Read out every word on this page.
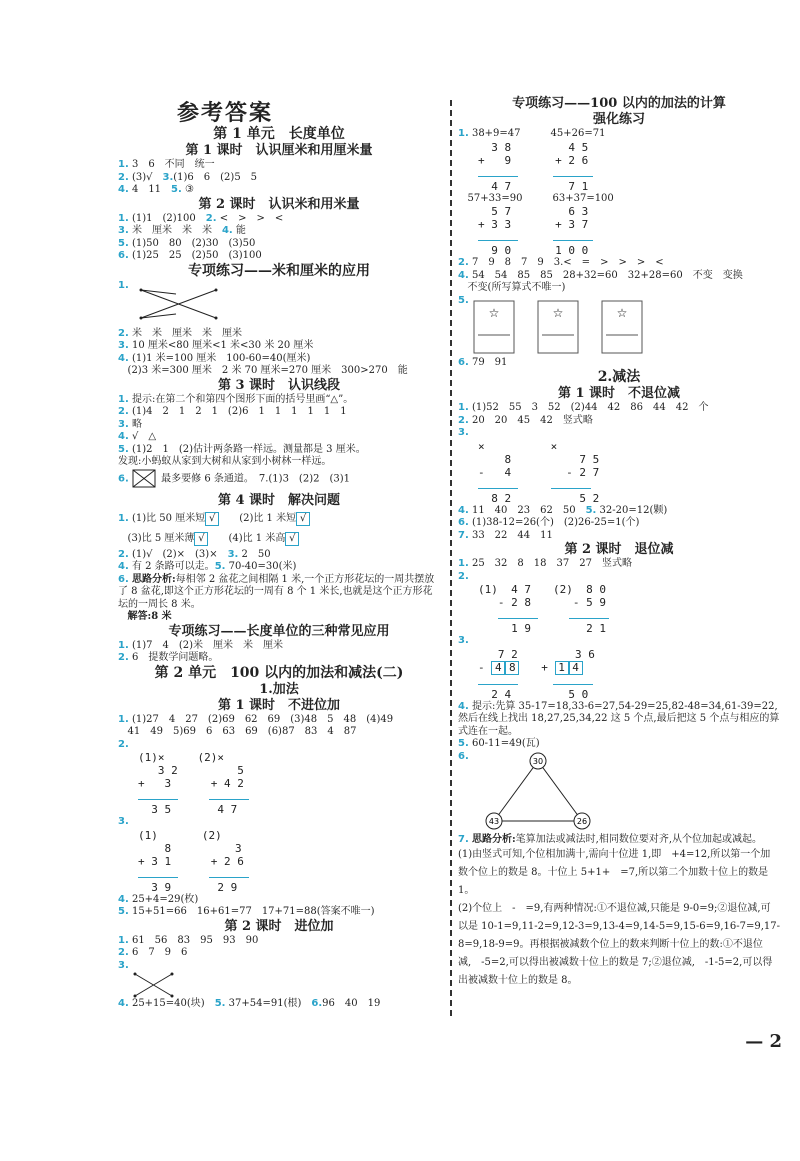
参考答案
第 1 单元　长度单位
第 1 课时　认识厘米和用厘米量
1. 3　6　不同　统一
2. (3)√　3.(1)6　6　(2)5　5
4. 4　11　5. ③
第 2 课时　认识米和用米量
1. (1)1　(2)100　2. <　>　>　<
3. 米　厘米　米　米　4. 能
5. (1)50　80　(2)30　(3)50
6. (1)25　25　(2)50　(3)100
专项练习——米和厘米的应用
1.
2. 米　米　厘米　米　厘米
3. 10 厘米<80 厘米<1 米<30 米 20 厘米
4. (1)1 米=100 厘米　100-60=40(厘米)
(2)3 米=300 厘米　2 米 70 厘米=270 厘米　300>270　能
第 3 课时　认识线段
1. 提示:在第二个和第四个图形下面的括号里画“△”。
2. (1)4　2　1　2　1　(2)6　1　1　1　1　1　1
3. 略
4. √　△
5. (1)2　1　(2)估计两条路一样远。测量都是 3 厘米。
发现:小蚂蚁从家到大树和从家到小树林一样远。
6.	最多要修 6 条通道。　7.(1)3　(2)2　(3)1
第 4 课时　解决问题
1. (1)比 50 厘米短 √　　 (2)比 1 米短 √
(3)比 5 厘米薄 √　　 (4)比 1 米高 √
2. (1)√　(2)×　(3)×　3. 2　50
4. 有 2 条路可以走。5. 70-40=30(米)
6. 思路分析:每相邻 2 盆花之间相隔 1 米,一个正方形花坛的一周共摆放了 8 盆花,即这个正方形花坛的一周有 8 个 1 米长,也就是这个正方形花坛的一周长 8 米。
解答:8 米
专项练习——长度单位的三种常见应用
1. (1)7　4　(2)米　厘米　米　厘米
2. 6　提数学问题略。
第 2 单元　100 以内的加法和减法(二)
1.加法
第 1 课时　不进位加
1. (1)27　4　27　(2)69　62　69　(3)48　5　48　(4)49
41　49　5)69　6　63　69　(6)87　83　4　87
2.
(1)×　　　(2)×
3 2　　　    5
+   3　　　 + 4 2

3 5　　　  4 7
3.
(1)　　　　(2)
8　　　　   3
+ 3 1　　　 + 2 6

3 9　　　  2 9
4. 25+4=29(枚)
5. 15+51=66　16+61=77　17+71=88(答案不唯一)
第 2 课时　进位加
1. 61　56　83　95　93　90
2. 6　7　9　6
3.
4. 25+15=40(块)　 5. 37+54=91(根)　 6.96　40　19
专项练习——100 以内的加法的计算
强化练习
1. 38+9=47　　　	45+26=71
3 8　　　　  4 5
+   9　　　　+ 2 6

4 7　　　　  7 1
57+33=90　　　	63+37=100
5 7　　　　  6 3
+ 3 3　　　　+ 3 7

9 0　　　　1 0 0
2. 7　9　8　7　9　3.<　=　>　>　>　<
4. 54　54　85　85　28+32=60　32+28=60　不变　变换
不变(所写算式不唯一)
5.
☆	☆	☆
6. 79　91
2.减法
第 1 课时　不退位减
1. (1)52　55　3　52　(2)44　42　86　44　42　个
2. 20　20　45　42　竖式略
3.
×　　　　　　×
8　　　　　  7 5
-   4　　　　　- 2 7

8 2　　　　　  5 2
4. 11　40　23　62　50　5. 32-20=12(颗)
6. (1)38-12=26(个)　(2)26-25=1(个)
7. 33　22　44　11
第 2 课时　退位减
1. 25　32　8　18　37　27　竖式略
2.
(1)  4 7　　(2)  8 0
- 2 8　　   - 5 9

1 9　　     2 1
3.
7 2　　　　  3 6
- 4 8　　+ 1 4

2 4　　　　  5 0
4. 提示:先算 35-17=18,33-6=27,54-29=25,82-48=34,61-39=22,然后在线上找出 18,27,25,34,22 这 5 个点,最后把这 5 个点与相应的算式连在一起。
5. 60-11=49(瓦)
6.	30
43	26
7. 思路分析:笔算加法或减法时,相同数位要对齐,从个位加起或减起。
(1)由竖式可知,个位相加满十,需向十位进 1,即　+4=12,所以第一个加数个位上的数是 8。十位上 5+1+　=7,所以第二个加数十位上的数是 1。
(2)个位上　-　=9,有两种情况:①不退位减,只能是 9-0=9;②退位减,可以是 10-1=9,11-2=9,12-3=9,13-4=9,14-5=9,15-6=9,16-7=9,17-8=9,18-9=9。再根据被减数个位上的数来判断十位上的数:①不退位减,　-5=2,可以得出被减数十位上的数是 7;②退位减,　-1-5=2,可以得出被减数十位上的数是 8。
— 2
